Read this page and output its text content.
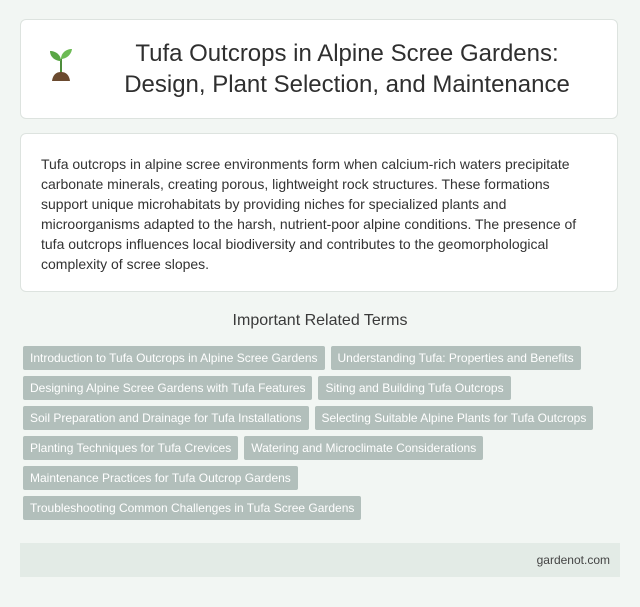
Tufa Outcrops in Alpine Scree Gardens: Design, Plant Selection, and Maintenance

Tufa outcrops in alpine scree environments form when calcium-rich waters precipitate carbonate minerals, creating porous, lightweight rock structures. These formations support unique microhabitats by providing niches for specialized plants and microorganisms adapted to the harsh, nutrient-poor alpine conditions. The presence of tufa outcrops influences local biodiversity and contributes to the geomorphological complexity of scree slopes.

Important Related Terms
Introduction to Tufa Outcrops in Alpine Scree Gardens	Understanding Tufa: Properties and Benefits
Designing Alpine Scree Gardens with Tufa Features	Siting and Building Tufa Outcrops
Soil Preparation and Drainage for Tufa Installations	Selecting Suitable Alpine Plants for Tufa Outcrops
Planting Techniques for Tufa Crevices	Watering and Microclimate Considerations
Maintenance Practices for Tufa Outcrop Gardens
Troubleshooting Common Challenges in Tufa Scree Gardens
gardenot.com
